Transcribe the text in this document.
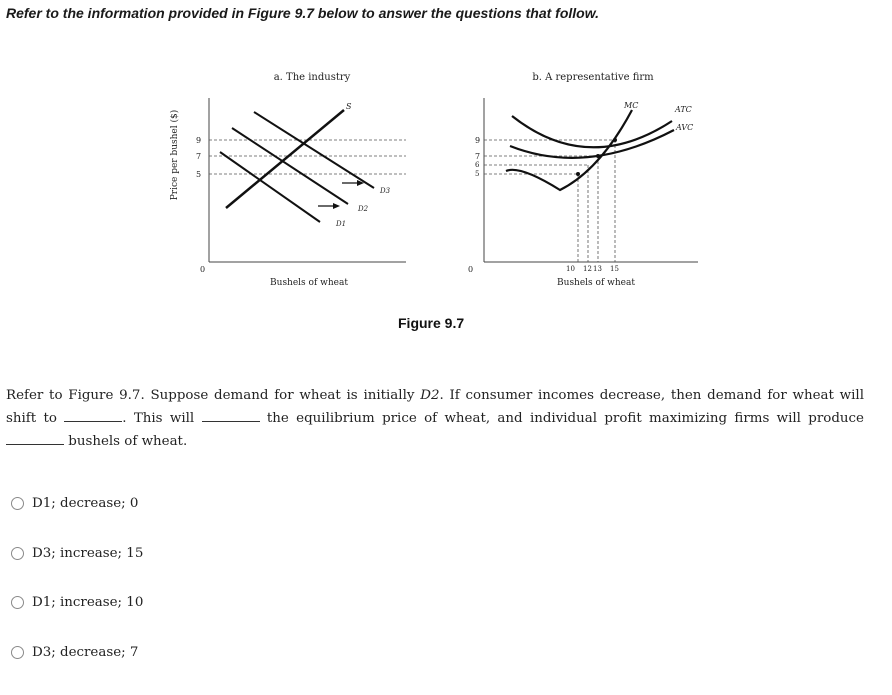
Refer to the information provided in Figure 9.7 below to answer the questions that follow.
a. The industry
Price per bushel ($)
0
9
7
5
S
D1
D2
D3
Bushels of wheat
b. A representative firm
0
9
7
6
5
MC	ATC
AVC
10 12 13 15
Bushels of wheat
Figure 9.7
Refer to Figure 9.7. Suppose demand for wheat is initially D2. If consumer incomes decrease, then demand for wheat will shift to	. This will	the equilibrium price of wheat, and individual profit maximizing firms will produce  bushels of wheat.
D1; decrease; 0
D3; increase; 15
D1; increase; 10
D3; decrease; 7
